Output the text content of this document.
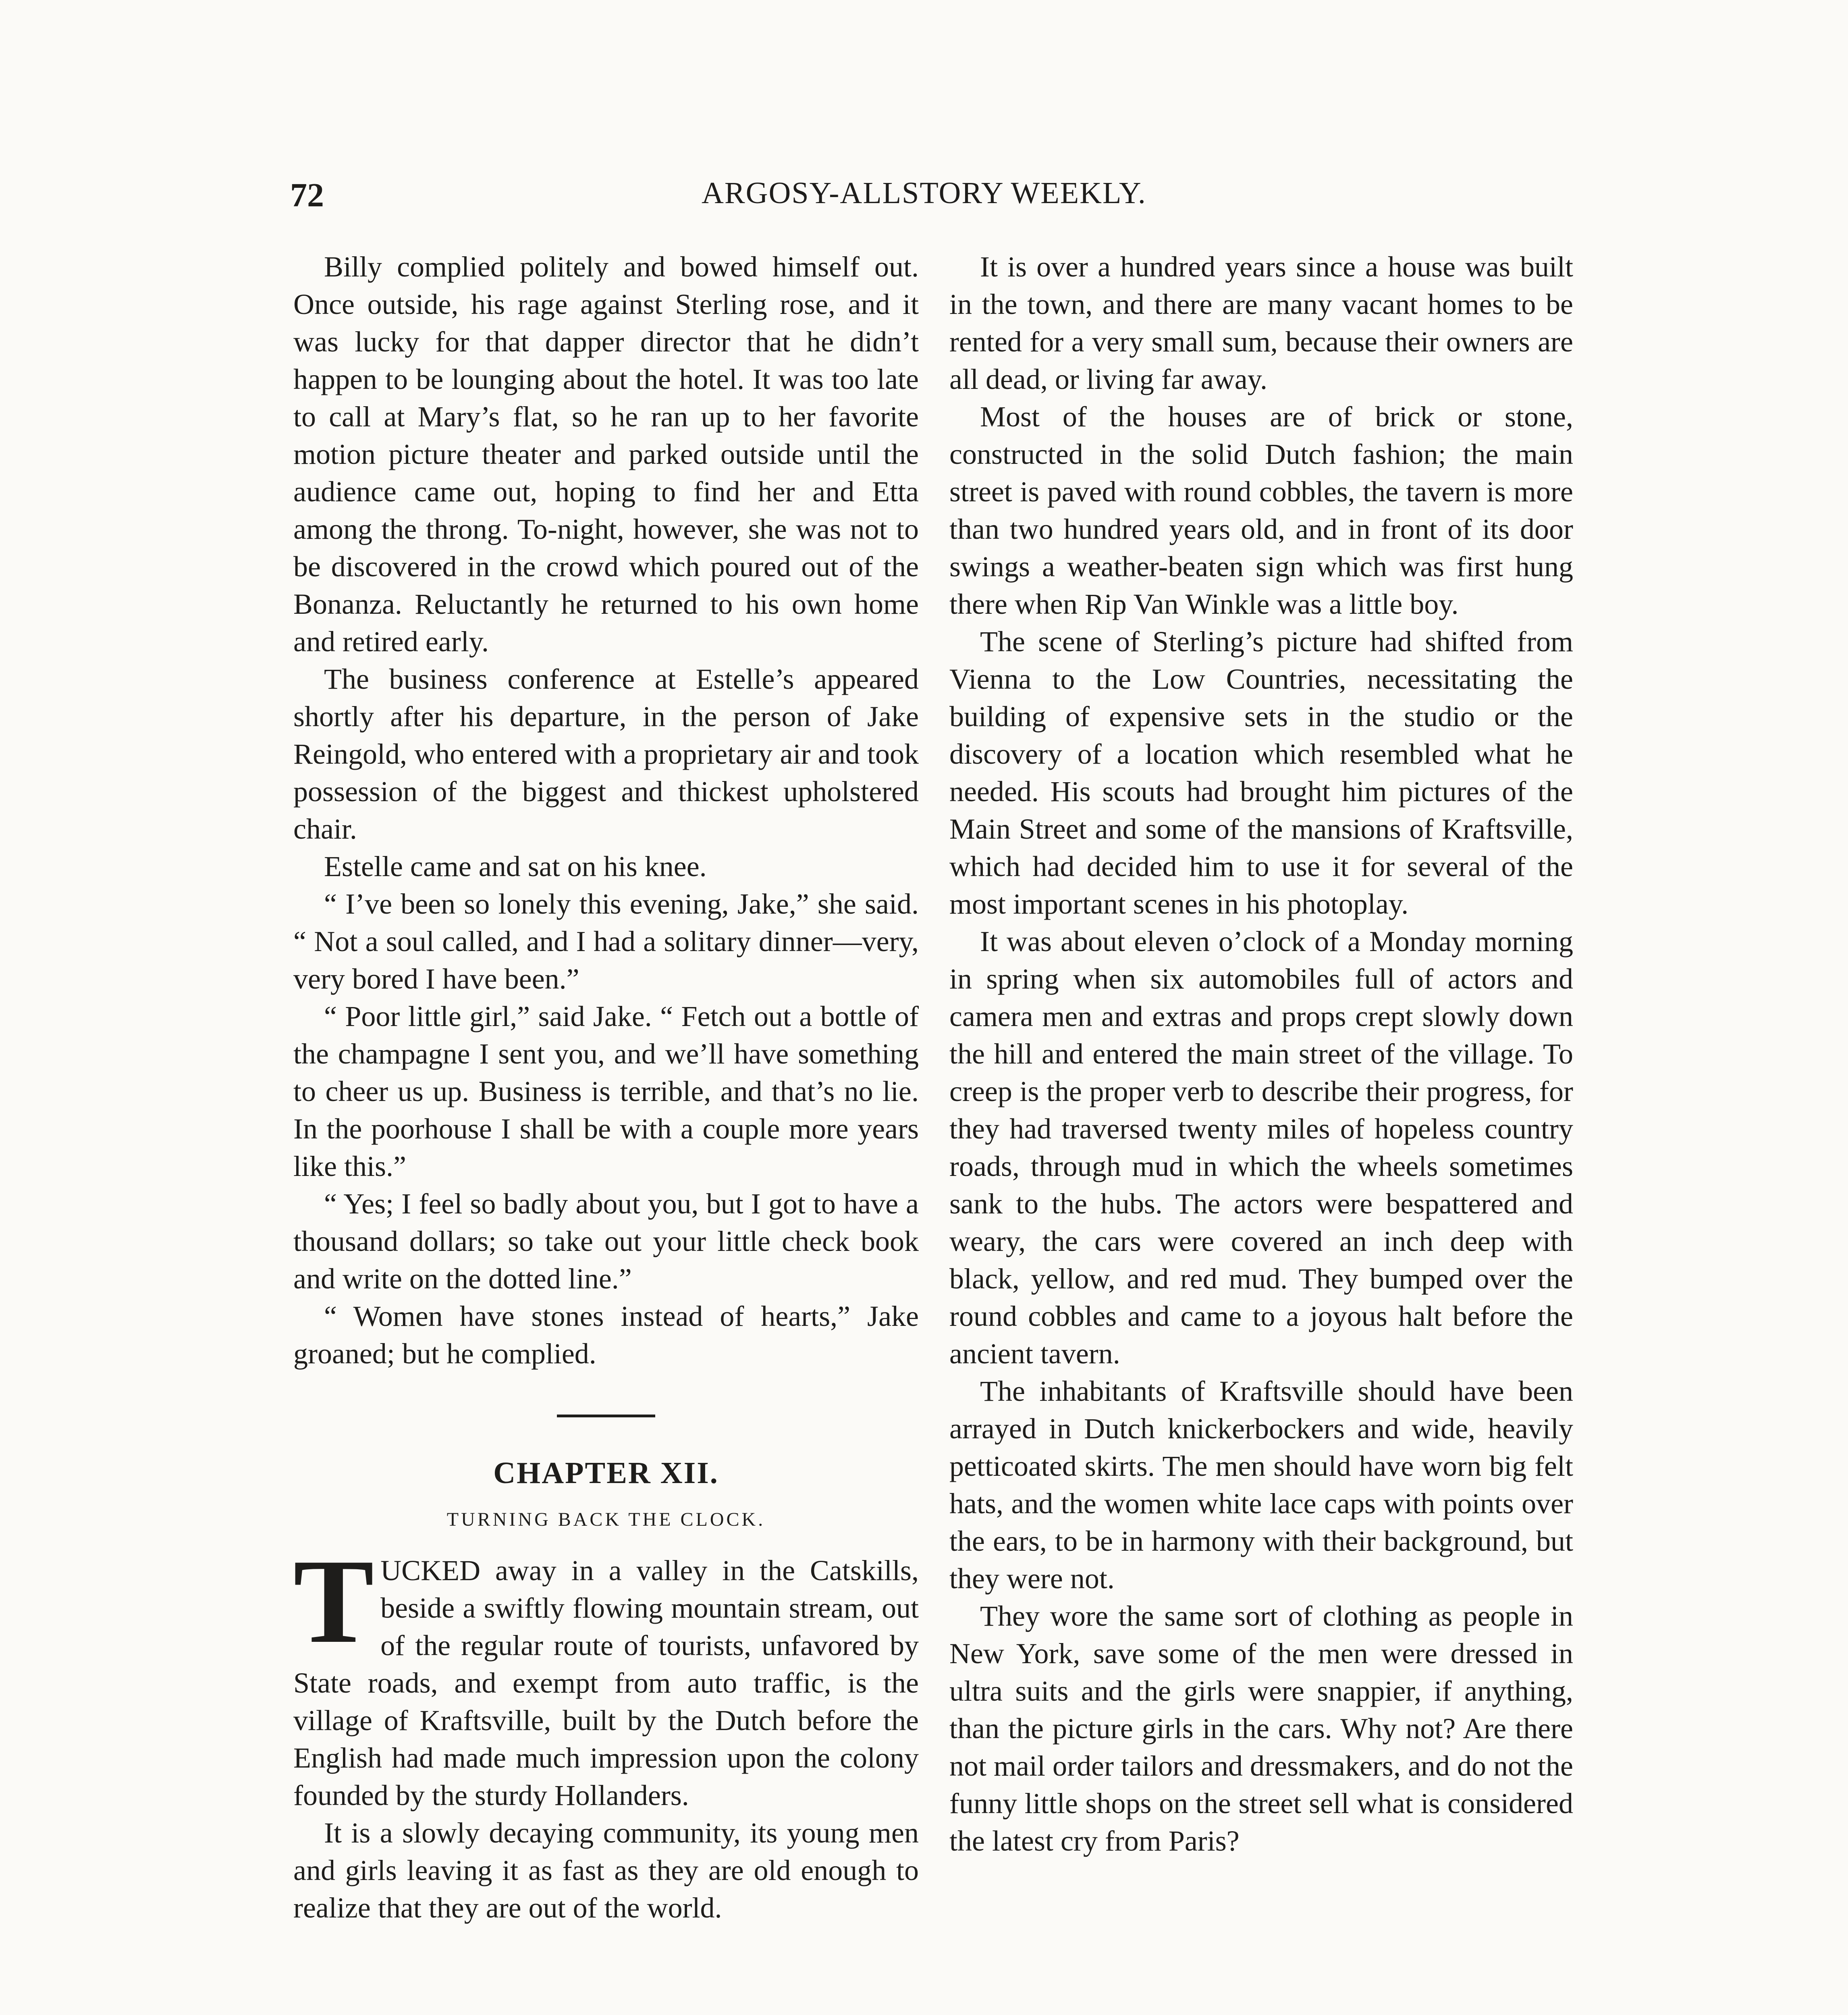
72	ARGOSY-ALLSTORY WEEKLY.

Billy complied politely and bowed himself out. Once outside, his rage against Sterling rose, and it was lucky for that dapper director that he didn’t happen to be lounging about the hotel. It was too late to call at Mary’s flat, so he ran up to her favorite motion picture theater and parked outside until the audience came out, hoping to find her and Etta among the throng. To-night, however, she was not to be discovered in the crowd which poured out of the Bonanza. Reluctantly he returned to his own home and retired early.

The business conference at Estelle’s appeared shortly after his departure, in the person of Jake Reingold, who entered with a proprietary air and took possession of the biggest and thickest upholstered chair.

Estelle came and sat on his knee.

“ I’ve been so lonely this evening, Jake,” she said. “ Not a soul called, and I had a solitary dinner—very, very bored I have been.”

“ Poor little girl,” said Jake. “ Fetch out a bottle of the champagne I sent you, and we’ll have something to cheer us up. Business is terrible, and that’s no lie. In the poorhouse I shall be with a couple more years like this.”

“ Yes; I feel so badly about you, but I got to have a thousand dollars; so take out your little check book and write on the dotted line.”

“ Women have stones instead of hearts,” Jake groaned; but he complied.

CHAPTER XII.
TURNING BACK THE CLOCK.

TUCKED away in a valley in the Catskills, beside a swiftly flowing mountain stream, out of the regular route of tourists, unfavored by State roads, and exempt from auto traffic, is the village of Kraftsville, built by the Dutch before the English had made much impression upon the colony founded by the sturdy Hollanders.

It is a slowly decaying community, its young men and girls leaving it as fast as they are old enough to realize that they are out of the world.

It is over a hundred years since a house was built in the town, and there are many vacant homes to be rented for a very small sum, because their owners are all dead, or living far away.

Most of the houses are of brick or stone, constructed in the solid Dutch fashion; the main street is paved with round cobbles, the tavern is more than two hundred years old, and in front of its door swings a weather-beaten sign which was first hung there when Rip Van Winkle was a little boy.

The scene of Sterling’s picture had shifted from Vienna to the Low Countries, necessitating the building of expensive sets in the studio or the discovery of a location which resembled what he needed. His scouts had brought him pictures of the Main Street and some of the mansions of Kraftsville, which had decided him to use it for several of the most important scenes in his photoplay.

It was about eleven o’clock of a Monday morning in spring when six automobiles full of actors and camera men and extras and props crept slowly down the hill and entered the main street of the village. To creep is the proper verb to describe their progress, for they had traversed twenty miles of hopeless country roads, through mud in which the wheels sometimes sank to the hubs. The actors were bespattered and weary, the cars were covered an inch deep with black, yellow, and red mud. They bumped over the round cobbles and came to a joyous halt before the ancient tavern.

The inhabitants of Kraftsville should have been arrayed in Dutch knickerbockers and wide, heavily petticoated skirts. The men should have worn big felt hats, and the women white lace caps with points over the ears, to be in harmony with their background, but they were not.

They wore the same sort of clothing as people in New York, save some of the men were dressed in ultra suits and the girls were snappier, if anything, than the picture girls in the cars. Why not? Are there not mail order tailors and dressmakers, and do not the funny little shops on the street sell what is considered the latest cry from Paris?
